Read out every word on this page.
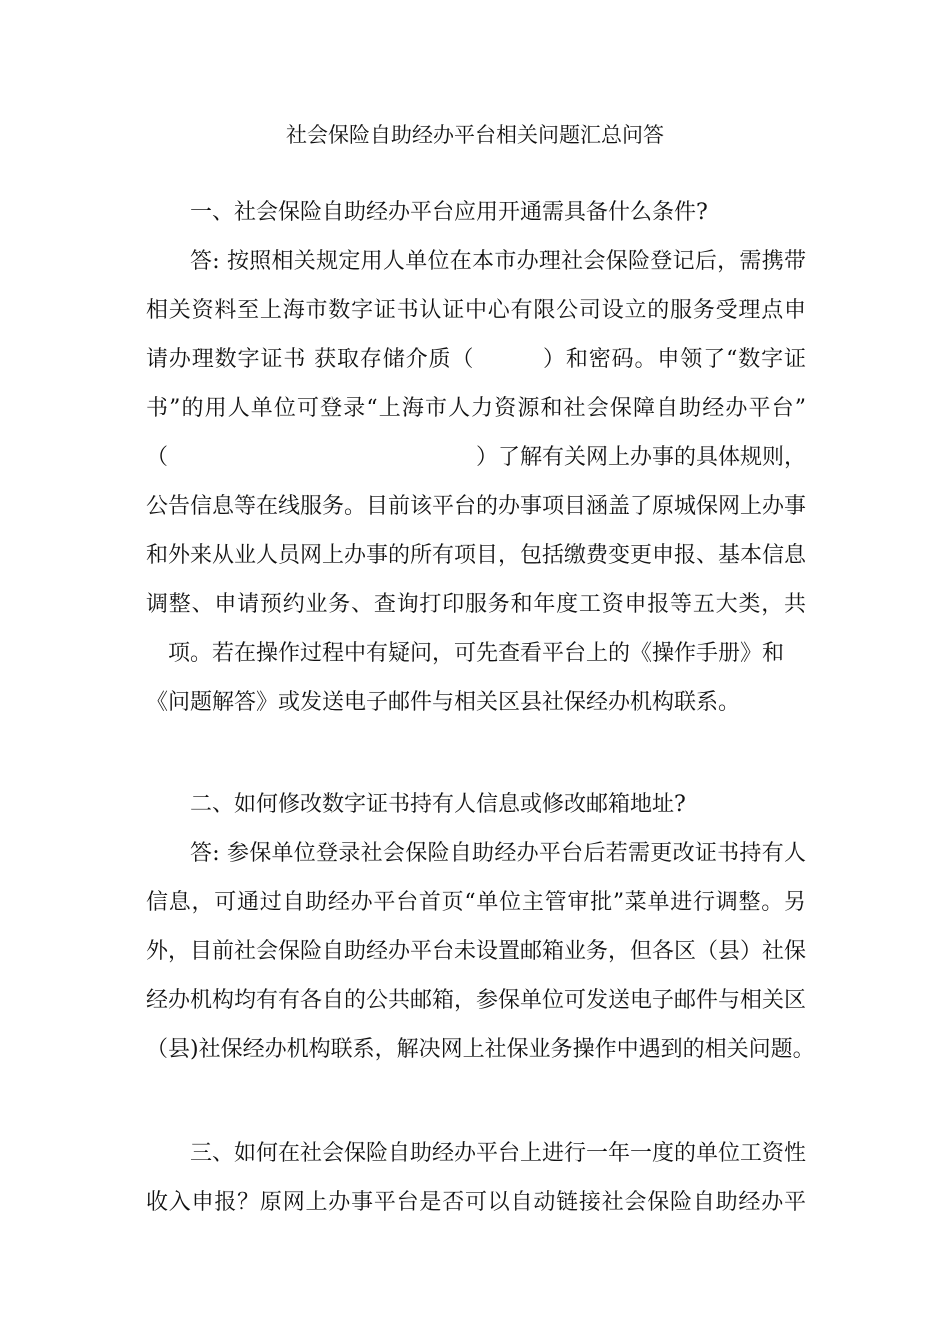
社会保险自助经办平台相关问题汇总问答
一、社会保险自助经办平台应用开通需具备什么条件?
答: 按照相关规定用人单位在本市办理社会保险登记后，需携带
相关资料至上海市数字证书认证中心有限公司设立的服务受理点申
请办理数字证书 获取存储介质（　　　）和密码。申领了“数字证
书”的用人单位可登录“上海市人力资源和社会保障自助经办平台”
（　　　　　　　　　　　　　　）了解有关网上办事的具体规则，
公告信息等在线服务。目前该平台的办事项目涵盖了原城保网上办事
和外来从业人员网上办事的所有项目，包括缴费变更申报、基本信息
调整、申请预约业务、查询打印服务和年度工资申报等五大类，共
项。若在操作过程中有疑问，可先查看平台上的《操作手册》和
《问题解答》或发送电子邮件与相关区县社保经办机构联系。
二、如何修改数字证书持有人信息或修改邮箱地址?
答: 参保单位登录社会保险自助经办平台后若需更改证书持有人
信息，可通过自助经办平台首页“单位主管审批”菜单进行调整。另
外，目前社会保险自助经办平台未设置邮箱业务，但各区（县）社保
经办机构均有有各自的公共邮箱，参保单位可发送电子邮件与相关区
（县)社保经办机构联系，解决网上社保业务操作中遇到的相关问题。
三、如何在社会保险自助经办平台上进行一年一度的单位工资性
收入申报？原网上办事平台是否可以自动链接社会保险自助经办平
